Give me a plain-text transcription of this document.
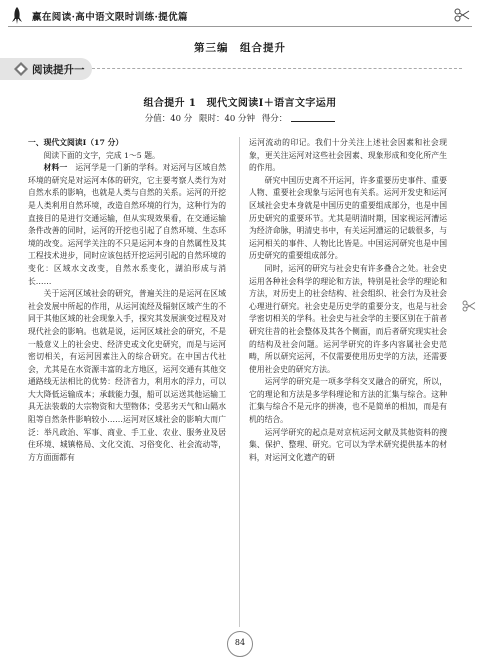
赢在阅读·高中语文限时训练·提优篇
第三编　组合提升
阅读提升一
组合提升 1　现代文阅读Ⅰ＋语言文字运用
分值：40 分 限时：40 分钟 得分：

一、现代文阅读Ⅰ（17 分）

阅读下面的文字，完成 1～5 题。

材料一　运河学是一门新的学科。对运河与区域自然环境的研究是对运河本体的研究，它主要考察人类行为对自然水系的影响，也就是人类与自然的关系。运河的开挖是人类利用自然环境，改造自然环境的行为，这种行为的直接目的是进行交通运输，但从实现效果看，在交通运输条件改善的同时，运河的开挖也引起了自然环境、生态环境的改变。运河学关注的不只是运河本身的自然属性及其工程技术进步，同时应该包括开挖运河引起的自然环境的变化：区域水文改变，自然水系变化，湖泊形成与消长……

关于运河区域社会的研究，普遍关注的是运河在区域社会发展中所起的作用，从运河流经及辐射区域产生的不同于其他区域的社会现象入手，探究其发展演变过程及对现代社会的影响。也就是说，运河区域社会的研究，不是一般意义上的社会史、经济史或文化史研究，而是与运河密切相关，有运河因素注入的综合研究。在中国古代社会，尤其是在水资源丰富的北方地区，运河交通有其他交通路线无法相比的优势：经济省力，利用水的浮力，可以大大降低运输成本；承载能力强，船可以运送其他运输工具无法装载的大宗物资和大型物体；受恶劣天气和山隔水阻等自然条件影响较小……运河对区域社会的影响大而广泛：举凡政治、军事、商业、手工业、农业、服务业及居住环境、城镇格局、文化交流、习俗变化、社会流动等，方方面面都有

运河流动的印记。我们十分关注上述社会因素和社会现象，更关注运河对这些社会因素、现象形成和变化所产生的作用。

研究中国历史离不开运河，许多重要历史事件、重要人物、重要社会现象与运河也有关系。运河开发史和运河区域社会史本身就是中国历史的重要组成部分，也是中国历史研究的重要环节。尤其是明清时期，国家视运河漕运为经济命脉，明清史书中，有关运河漕运的记载很多，与运河相关的事件、人物比比皆是。中国运河研究也是中国历史研究的重要组成部分。

同时，运河的研究与社会史有许多叠合之处。社会史运用各种社会科学的理论和方法，特别是社会学的理论和方法，对历史上的社会结构、社会组织、社会行为及社会心理进行研究。社会史是历史学的重要分支，也是与社会学密切相关的学科。社会史与社会学的主要区别在于前者研究往昔的社会整体及其各个侧面，而后者研究现实社会的结构及社会问题。运河学研究的许多内容属社会史范畴，所以研究运河，不仅需要使用历史学的方法，还需要使用社会史的研究方法。

运河学的研究是一项多学科交叉融合的研究，所以，它的理论和方法是多学科理论和方法的汇集与综合。这种汇集与综合不是元序的拼凑，也不是简单的相加，而是有机的结合。

运河学研究的起点是对京杭运河文献及其他资料的搜集、保护、整理、研究。它可以为学术研究提供基本的材料，对运河文化遗产的研

84
